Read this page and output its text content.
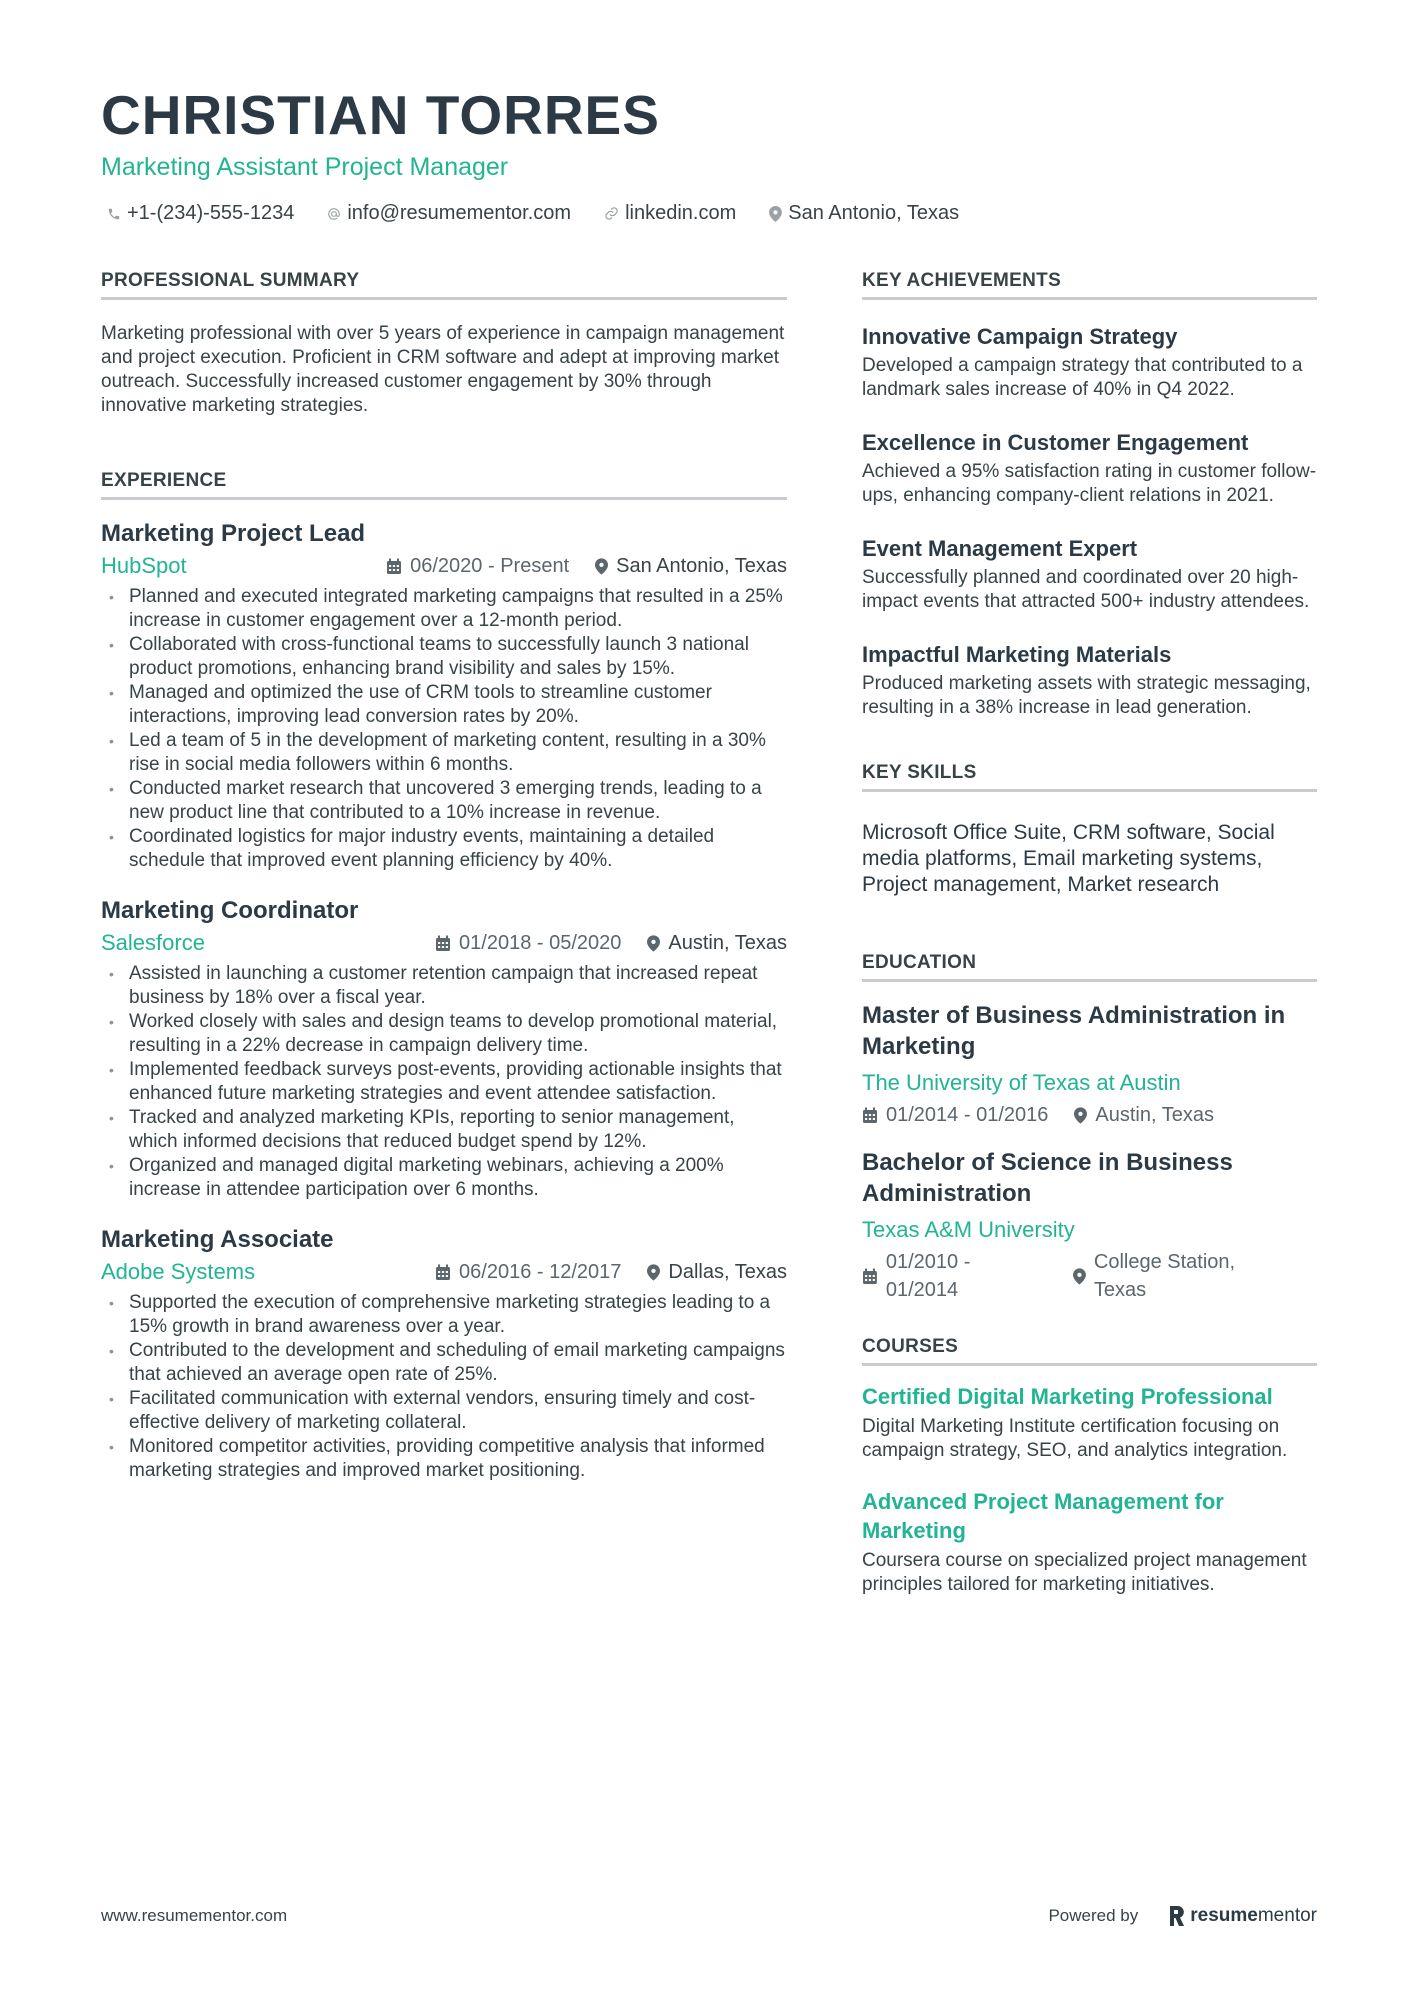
CHRISTIAN TORRES
Marketing Assistant Project Manager
+1-(234)-555-1234	info@resumementor.com	linkedin.com	San Antonio, Texas
PROFESSIONAL SUMMARY

Marketing professional with over 5 years of experience in campaign management and project execution. Proficient in CRM software and adept at improving market outreach. Successfully increased customer engagement by 30% through innovative marketing strategies.

EXPERIENCE
Marketing Project Lead
HubSpot	06/2020 - Present San Antonio, Texas
• Planned and executed integrated marketing campaigns that resulted in a 25% increase in customer engagement over a 12-month period.
• Collaborated with cross-functional teams to successfully launch 3 national product promotions, enhancing brand visibility and sales by 15%.
• Managed and optimized the use of CRM tools to streamline customer interactions, improving lead conversion rates by 20%.
• Led a team of 5 in the development of marketing content, resulting in a 30% rise in social media followers within 6 months.
• Conducted market research that uncovered 3 emerging trends, leading to a new product line that contributed to a 10% increase in revenue.
• Coordinated logistics for major industry events, maintaining a detailed schedule that improved event planning efficiency by 40%.
Marketing Coordinator
Salesforce	01/2018 - 05/2020 Austin, Texas
• Assisted in launching a customer retention campaign that increased repeat business by 18% over a fiscal year.
• Worked closely with sales and design teams to develop promotional material, resulting in a 22% decrease in campaign delivery time.
• Implemented feedback surveys post-events, providing actionable insights that enhanced future marketing strategies and event attendee satisfaction.
• Tracked and analyzed marketing KPIs, reporting to senior management, which informed decisions that reduced budget spend by 12%.
• Organized and managed digital marketing webinars, achieving a 200% increase in attendee participation over 6 months.
Marketing Associate
Adobe Systems	06/2016 - 12/2017 Dallas, Texas
• Supported the execution of comprehensive marketing strategies leading to a 15% growth in brand awareness over a year.
• Contributed to the development and scheduling of email marketing campaigns that achieved an average open rate of 25%.
• Facilitated communication with external vendors, ensuring timely and cost-effective delivery of marketing collateral.
• Monitored competitor activities, providing competitive analysis that informed marketing strategies and improved market positioning.
KEY ACHIEVEMENTS
Innovative Campaign Strategy

Developed a campaign strategy that contributed to a landmark sales increase of 40% in Q4 2022.

Excellence in Customer Engagement

Achieved a 95% satisfaction rating in customer follow-ups, enhancing company-client relations in 2021.

Event Management Expert

Successfully planned and coordinated over 20 high-impact events that attracted 500+ industry attendees.

Impactful Marketing Materials

Produced marketing assets with strategic messaging, resulting in a 38% increase in lead generation.

KEY SKILLS

Microsoft Office Suite, CRM software, Social media platforms, Email marketing systems, Project management, Market research

EDUCATION
Master of Business Administration in Marketing
The University of Texas at Austin
01/2014 - 01/2016 Austin, Texas
Bachelor of Science in Business Administration
Texas A&M University
01/2010 - 01/2014
College Station, Texas
COURSES
Certified Digital Marketing Professional

Digital Marketing Institute certification focusing on campaign strategy, SEO, and analytics integration.

Advanced Project Management for Marketing

Coursera course on specialized project management principles tailored for marketing initiatives.

www.resumementor.com	Powered by	resume mentor
